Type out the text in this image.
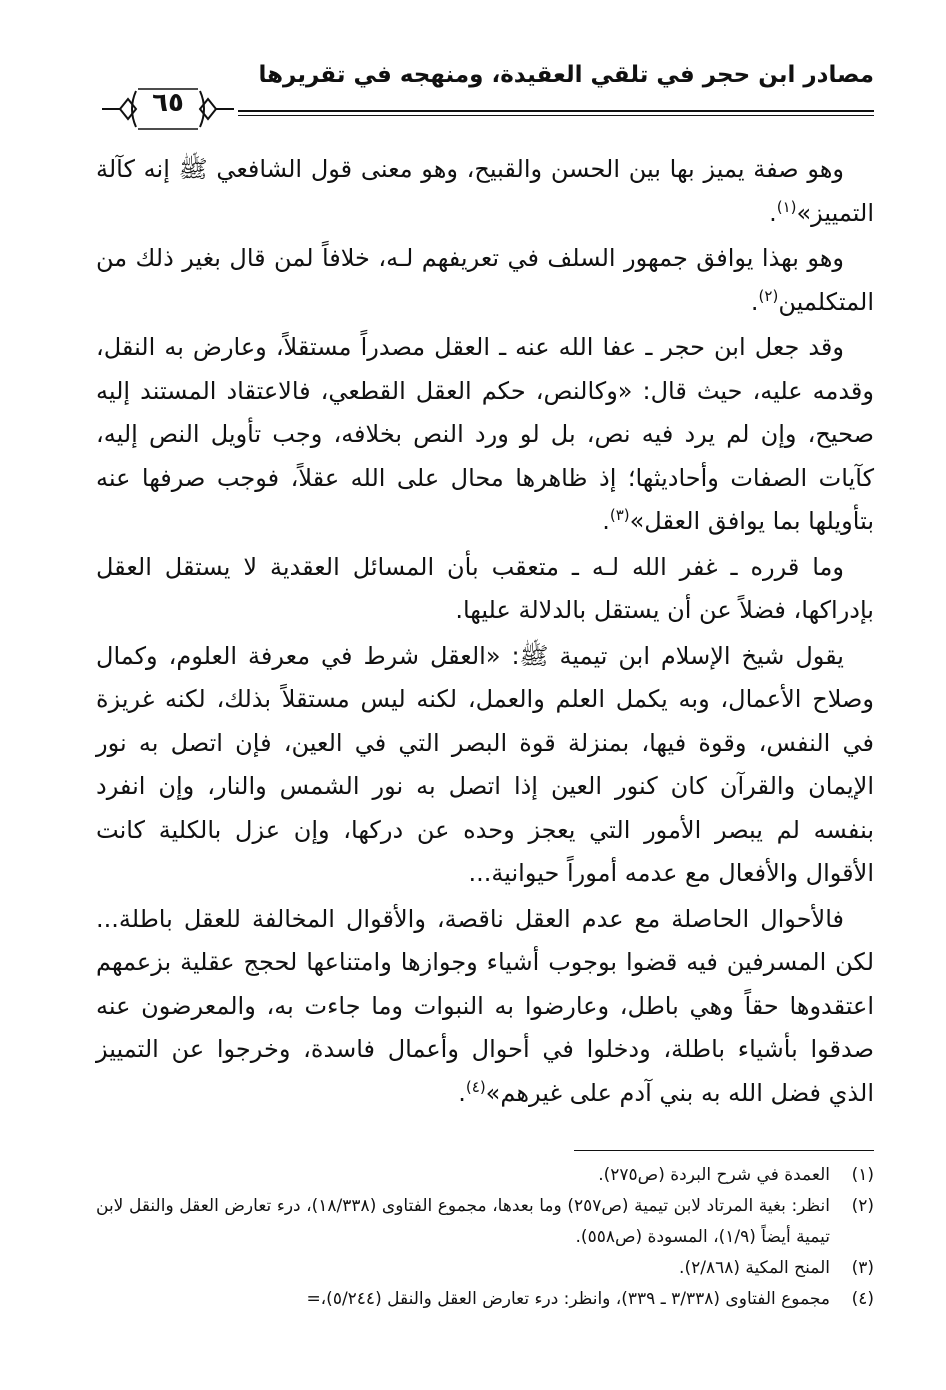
مصادر ابن حجر في تلقي العقيدة، ومنهجه في تقريرها
٦٥

وهو صفة يميز بها بين الحسن والقبيح، وهو معنى قول الشافعي ﷺ إنه كآلة التمييز»$^{(١)}$.

وهو بهذا يوافق جمهور السلف في تعريفهم لـه، خلافاً لمن قال بغير ذلك من المتكلمين$^{(٢)}$.

وقد جعل ابن حجر ـ عفا الله عنه ـ العقل مصدراً مستقلاً، وعارض به النقل، وقدمه عليه، حيث قال: «وكالنص، حكم العقل القطعي، فالاعتقاد المستند إليه صحيح، وإن لم يرد فيه نص، بل لو ورد النص بخلافه، وجب تأويل النص إليه، كآيات الصفات وأحاديثها؛ إذ ظاهرها محال على الله عقلاً، فوجب صرفها عنه بتأويلها بما يوافق العقل»$^{(٣)}$.

وما قرره ـ غفر الله لـه ـ متعقب بأن المسائل العقدية لا يستقل العقل بإدراكها، فضلاً عن أن يستقل بالدلالة عليها.

يقول شيخ الإسلام ابن تيمية ﷺ: «العقل شرط في معرفة العلوم، وكمال وصلاح الأعمال، وبه يكمل العلم والعمل، لكنه ليس مستقلاً بذلك، لكنه غريزة في النفس، وقوة فيها، بمنزلة قوة البصر التي في العين، فإن اتصل به نور الإيمان والقرآن كان كنور العين إذا اتصل به نور الشمس والنار، وإن انفرد بنفسه لم يبصر الأمور التي يعجز وحده عن دركها، وإن عزل بالكلية كانت الأقوال والأفعال مع عدمه أموراً حيوانية...

فالأحوال الحاصلة مع عدم العقل ناقصة، والأقوال المخالفة للعقل باطلة... لكن المسرفين فيه قضوا بوجوب أشياء وجوازها وامتناعها لحجج عقلية بزعمهم اعتقدوها حقاً وهي باطل، وعارضوا به النبوات وما جاءت به، والمعرضون عنه صدقوا بأشياء باطلة، ودخلوا في أحوال وأعمال فاسدة، وخرجوا عن التمييز الذي فضل الله به بني آدم على غيرهم»$^{(٤)}$.

(١)
العمدة في شرح البردة (ص٢٧٥).
(٢)
انظر: بغية المرتاد لابن تيمية (ص٢٥٧) وما بعدها، مجموع الفتاوى (١٨/٣٣٨)، درء تعارض العقل والنقل لابن تيمية أيضاً (١/٩)، المسودة (ص٥٥٨).
(٣)
المنح المكية (٢/٨٦٨).
(٤)
مجموع الفتاوى (٣/٣٣٨ ـ ٣٣٩)، وانظر: درء تعارض العقل والنقل (٥/٢٤٤)،=
